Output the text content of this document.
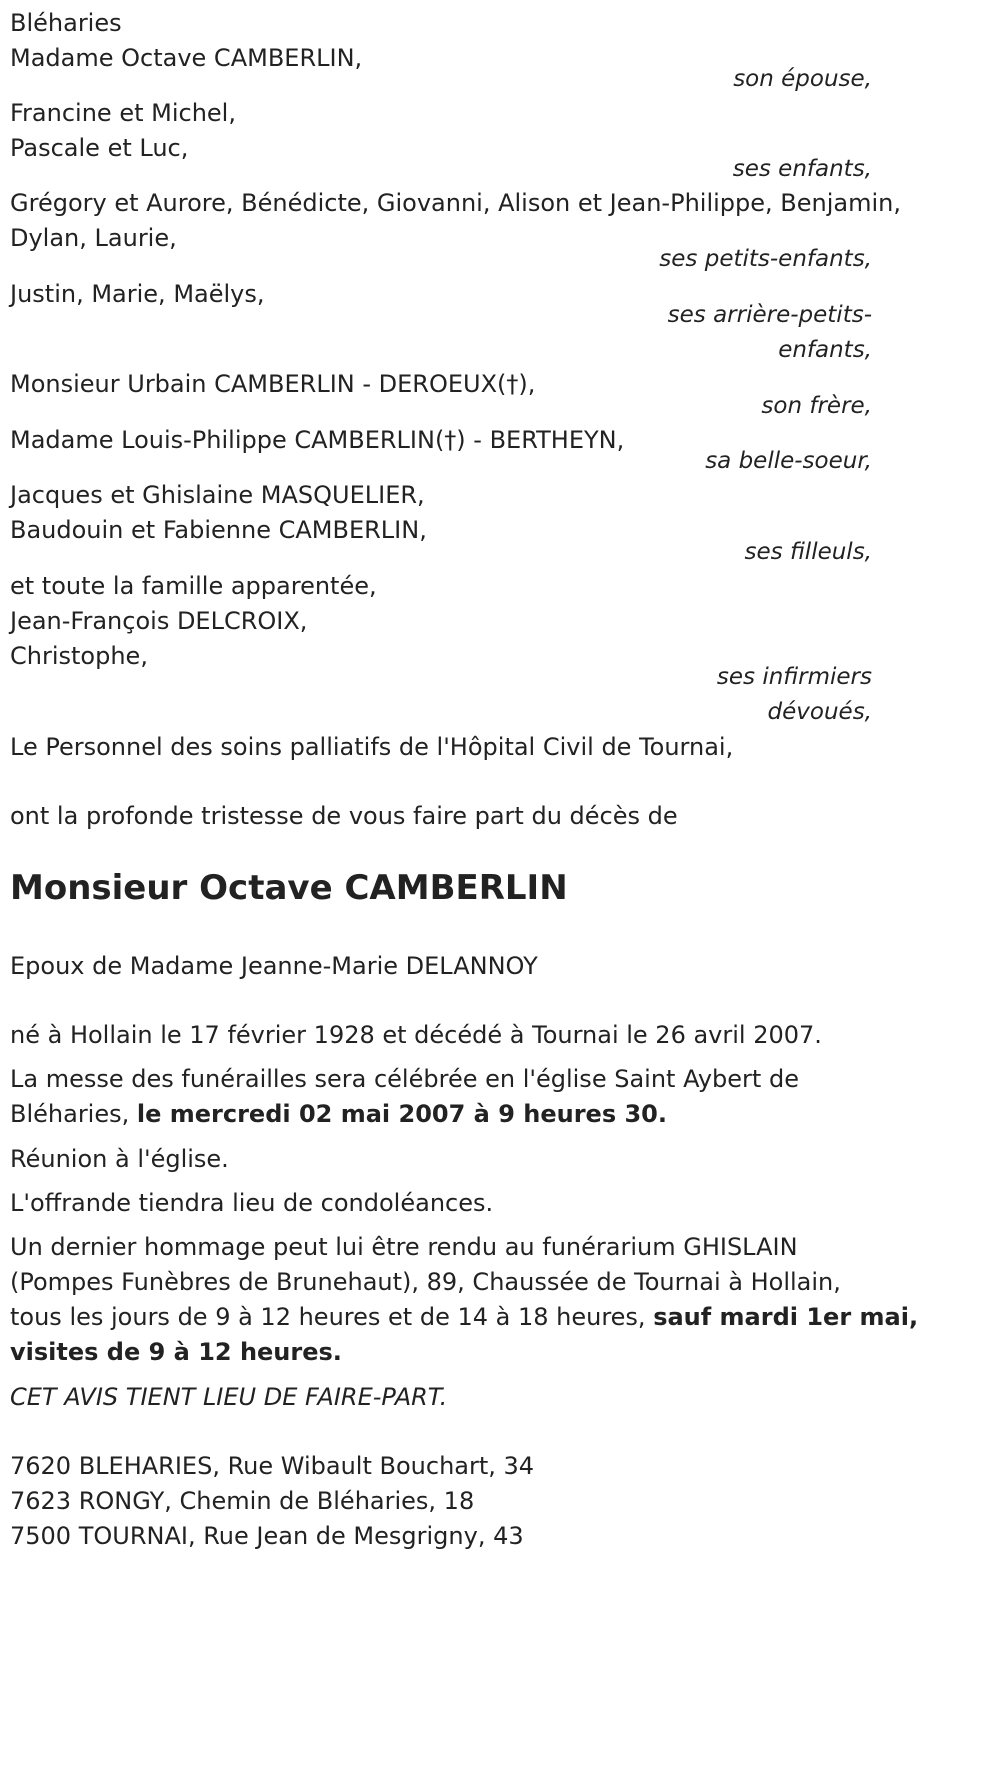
Bléharies
Madame Octave CAMBERLIN,
son épouse,
Francine et Michel,
Pascale et Luc,
ses enfants,
Grégory et Aurore, Bénédicte, Giovanni, Alison et Jean-Philippe, Benjamin,
Dylan, Laurie,
ses petits-enfants,
Justin, Marie, Maëlys,
ses arrière-petits-
enfants,
Monsieur Urbain CAMBERLIN - DEROEUX(†),
son frère,
Madame Louis-Philippe CAMBERLIN(†) - BERTHEYN,
sa belle-soeur,
Jacques et Ghislaine MASQUELIER,
Baudouin et Fabienne CAMBERLIN,
ses filleuls,
et toute la famille apparentée,
Jean-François DELCROIX,
Christophe,
ses infirmiers
dévoués,
Le Personnel des soins palliatifs de l'Hôpital Civil de Tournai,
ont la profonde tristesse de vous faire part du décès de
Monsieur Octave CAMBERLIN
Epoux de Madame Jeanne-Marie DELANNOY
né à Hollain le 17 février 1928 et décédé à Tournai le 26 avril 2007.
La messe des funérailles sera célébrée en l'église Saint Aybert de
Bléharies, le mercredi 02 mai 2007 à 9 heures 30.
Réunion à l'église.
L'offrande tiendra lieu de condoléances.
Un dernier hommage peut lui être rendu au funérarium GHISLAIN
(Pompes Funèbres de Brunehaut), 89, Chaussée de Tournai à Hollain,
tous les jours de 9 à 12 heures et de 14 à 18 heures, sauf mardi 1er mai,
visites de 9 à 12 heures.
CET AVIS TIENT LIEU DE FAIRE-PART.
7620 BLEHARIES, Rue Wibault Bouchart, 34
7623 RONGY, Chemin de Bléharies, 18
7500 TOURNAI, Rue Jean de Mesgrigny, 43
